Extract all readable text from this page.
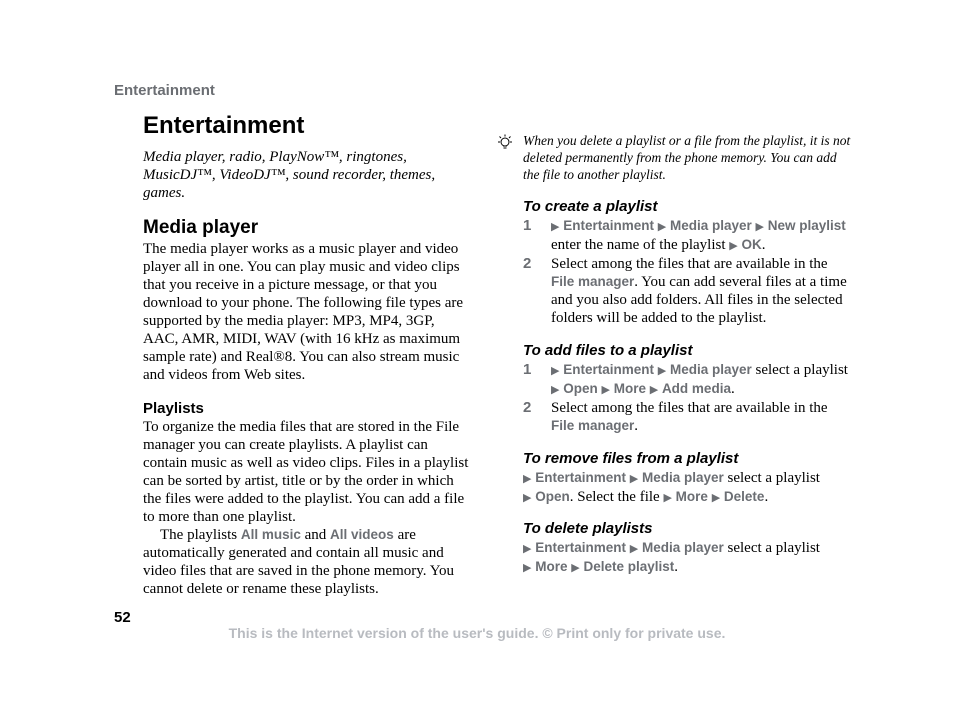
Entertainment
Entertainment
Media player, radio, PlayNow™, ringtones, MusicDJ™, VideoDJ™, sound recorder, themes, games.
Media player
The media player works as a music player and video player all in one. You can play music and video clips that you receive in a picture message, or that you download to your phone. The following file types are supported by the media player: MP3, MP4, 3GP, AAC, AMR, MIDI, WAV (with 16 kHz as maximum sample rate) and Real®8. You can also stream music and videos from Web sites.
Playlists

To organize the media files that are stored in the File manager you can create playlists. A playlist can contain music as well as video clips. Files in a playlist can be sorted by artist, title or by the order in which the files were added to the playlist. You can add a file to more than one playlist.

The playlists All music and All videos are automatically generated and contain all music and video files that are saved in the phone memory. You cannot delete or rename these playlists.

When you delete a playlist or a file from the playlist, it is not deleted permanently from the phone memory. You can add the file to another playlist.
To create a playlist
1 ▶ Entertainment ▶ Media player ▶ New playlist
enter the name of the playlist ▶ OK.
2 Select among the files that are available in the File manager. You can add several files at a time and you also add folders. All files in the selected folders will be added to the playlist.
To add files to a playlist
1 ▶ Entertainment ▶ Media player select a playlist
▶ Open ▶ More ▶ Add media.
2 Select among the files that are available in the File manager.
To remove files from a playlist
▶ Entertainment ▶ Media player select a playlist
▶ Open. Select the file ▶ More ▶ Delete.
To delete playlists
▶ Entertainment ▶ Media player select a playlist
▶ More ▶ Delete playlist.
52
This is the Internet version of the user's guide. © Print only for private use.
